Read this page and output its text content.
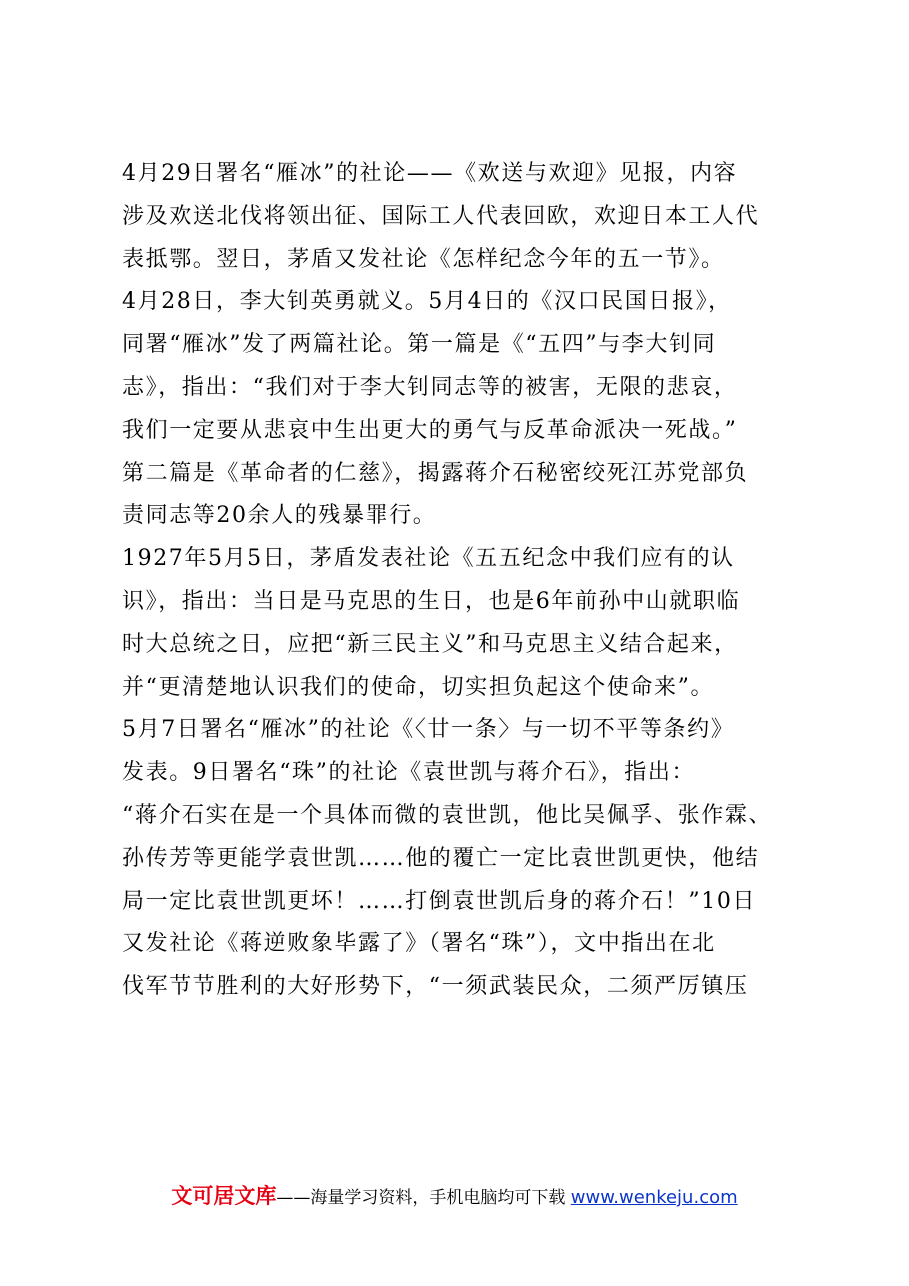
4月29日署名“雁冰”的社论——《欢送与欢迎》见报，内容
涉及欢送北伐将领出征、国际工人代表回欧，欢迎日本工人代
表抵鄂。翌日，茅盾又发社论《怎样纪念今年的五一节》。
4月28日，李大钊英勇就义。5月4日的《汉口民国日报》，
同署“雁冰”发了两篇社论。第一篇是《“五四”与李大钊同
志》，指出：“我们对于李大钊同志等的被害，无限的悲哀，
我们一定要从悲哀中生出更大的勇气与反革命派决一死战。”
第二篇是《革命者的仁慈》，揭露蒋介石秘密绞死江苏党部负
责同志等20余人的残暴罪行。
1927年5月5日，茅盾发表社论《五五纪念中我们应有的认
识》，指出：当日是马克思的生日，也是6年前孙中山就职临
时大总统之日，应把“新三民主义”和马克思主义结合起来，
并“更清楚地认识我们的使命，切实担负起这个使命来”。
5月7日署名“雁冰”的社论《〈廿一条〉与一切不平等条约》
发表。9日署名“珠”的社论《袁世凯与蒋介石》，指出：
“蒋介石实在是一个具体而微的袁世凯，他比吴佩孚、张作霖、
孙传芳等更能学袁世凯……他的覆亡一定比袁世凯更快，他结
局一定比袁世凯更坏！……打倒袁世凯后身的蒋介石！”10日
又发社论《蒋逆败象毕露了》（署名“珠”），文中指出在北
伐军节节胜利的大好形势下，“一须武装民众，二须严厉镇压
文可居文库——海量学习资料，手机电脑均可下载 www.wenkeju.com
